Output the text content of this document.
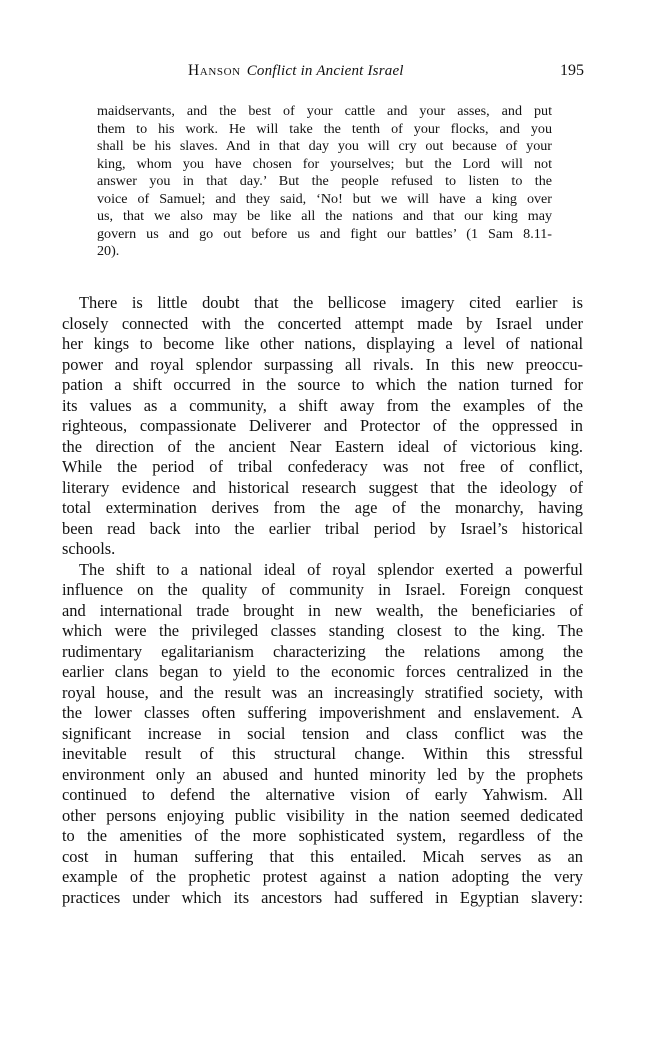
Hanson Conflict in Ancient Israel	195
maidservants, and the best of your cattle and your asses, and put
them to his work. He will take the tenth of your flocks, and you
shall be his slaves. And in that day you will cry out because of your
king, whom you have chosen for yourselves; but the Lord will not
answer you in that day.’ But the people refused to listen to the
voice of Samuel; and they said, ‘No! but we will have a king over
us, that we also may be like all the nations and that our king may
govern us and go out before us and fight our battles’ (1 Sam 8.11-
20).
There is little doubt that the bellicose imagery cited earlier is
closely connected with the concerted attempt made by Israel under
her kings to become like other nations, displaying a level of national
power and royal splendor surpassing all rivals. In this new preoccu-
pation a shift occurred in the source to which the nation turned for
its values as a community, a shift away from the examples of the
righteous, compassionate Deliverer and Protector of the oppressed in
the direction of the ancient Near Eastern ideal of victorious king.
While the period of tribal confederacy was not free of conflict,
literary evidence and historical research suggest that the ideology of
total extermination derives from the age of the monarchy, having
been read back into the earlier tribal period by Israel’s historical
schools.
The shift to a national ideal of royal splendor exerted a powerful
influence on the quality of community in Israel. Foreign conquest
and international trade brought in new wealth, the beneficiaries of
which were the privileged classes standing closest to the king. The
rudimentary egalitarianism characterizing the relations among the
earlier clans began to yield to the economic forces centralized in the
royal house, and the result was an increasingly stratified society, with
the lower classes often suffering impoverishment and enslavement. A
significant increase in social tension and class conflict was the
inevitable result of this structural change. Within this stressful
environment only an abused and hunted minority led by the prophets
continued to defend the alternative vision of early Yahwism. All
other persons enjoying public visibility in the nation seemed dedicated
to the amenities of the more sophisticated system, regardless of the
cost in human suffering that this entailed. Micah serves as an
example of the prophetic protest against a nation adopting the very
practices under which its ancestors had suffered in Egyptian slavery:
